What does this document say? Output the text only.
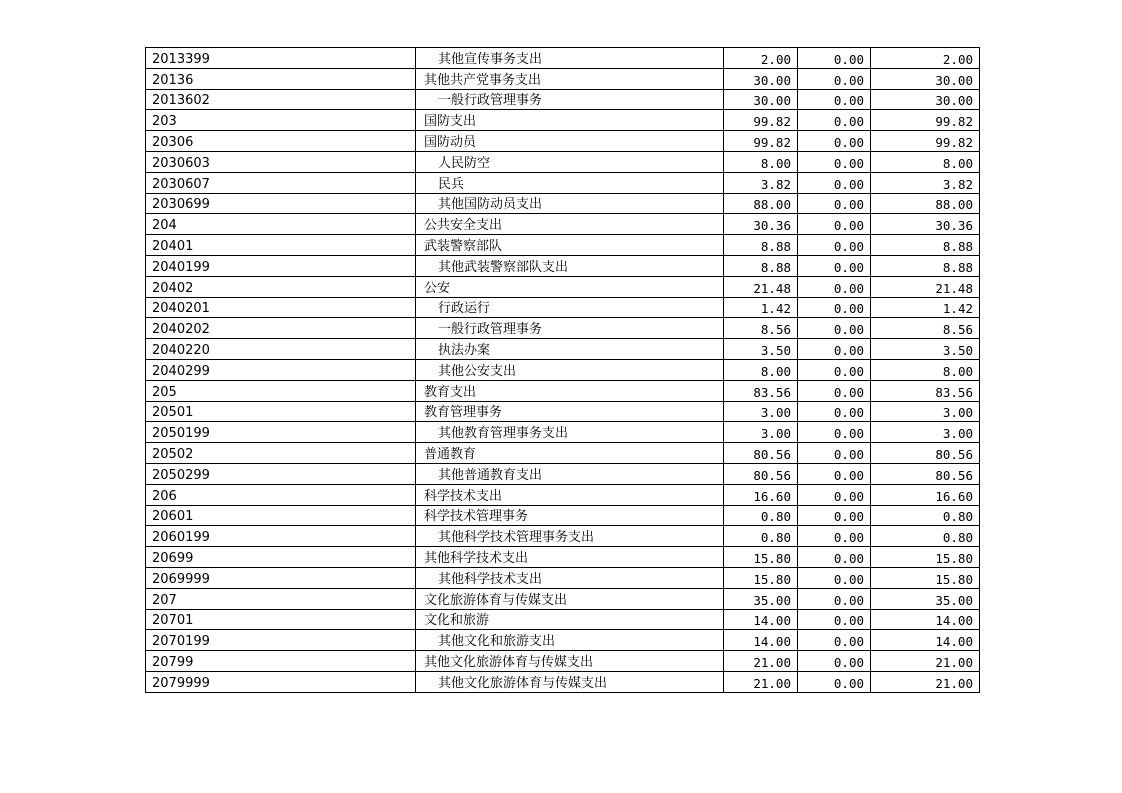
2013399	其他宣传事务支出	2.00	0.00	2.00
20136	其他共产党事务支出	30.00	0.00	30.00
2013602	一般行政管理事务	30.00	0.00	30.00
203	国防支出	99.82	0.00	99.82
20306	国防动员	99.82	0.00	99.82
2030603	人民防空	8.00	0.00	8.00
2030607	民兵	3.82	0.00	3.82
2030699	其他国防动员支出	88.00	0.00	88.00
204	公共安全支出	30.36	0.00	30.36
20401	武装警察部队	8.88	0.00	8.88
2040199	其他武装警察部队支出	8.88	0.00	8.88
20402	公安	21.48	0.00	21.48
2040201	行政运行	1.42	0.00	1.42
2040202	一般行政管理事务	8.56	0.00	8.56
2040220	执法办案	3.50	0.00	3.50
2040299	其他公安支出	8.00	0.00	8.00
205	教育支出	83.56	0.00	83.56
20501	教育管理事务	3.00	0.00	3.00
2050199	其他教育管理事务支出	3.00	0.00	3.00
20502	普通教育	80.56	0.00	80.56
2050299	其他普通教育支出	80.56	0.00	80.56
206	科学技术支出	16.60	0.00	16.60
20601	科学技术管理事务	0.80	0.00	0.80
2060199	其他科学技术管理事务支出	0.80	0.00	0.80
20699	其他科学技术支出	15.80	0.00	15.80
2069999	其他科学技术支出	15.80	0.00	15.80
207	文化旅游体育与传媒支出	35.00	0.00	35.00
20701	文化和旅游	14.00	0.00	14.00
2070199	其他文化和旅游支出	14.00	0.00	14.00
20799	其他文化旅游体育与传媒支出	21.00	0.00	21.00
2079999	其他文化旅游体育与传媒支出	21.00	0.00	21.00
